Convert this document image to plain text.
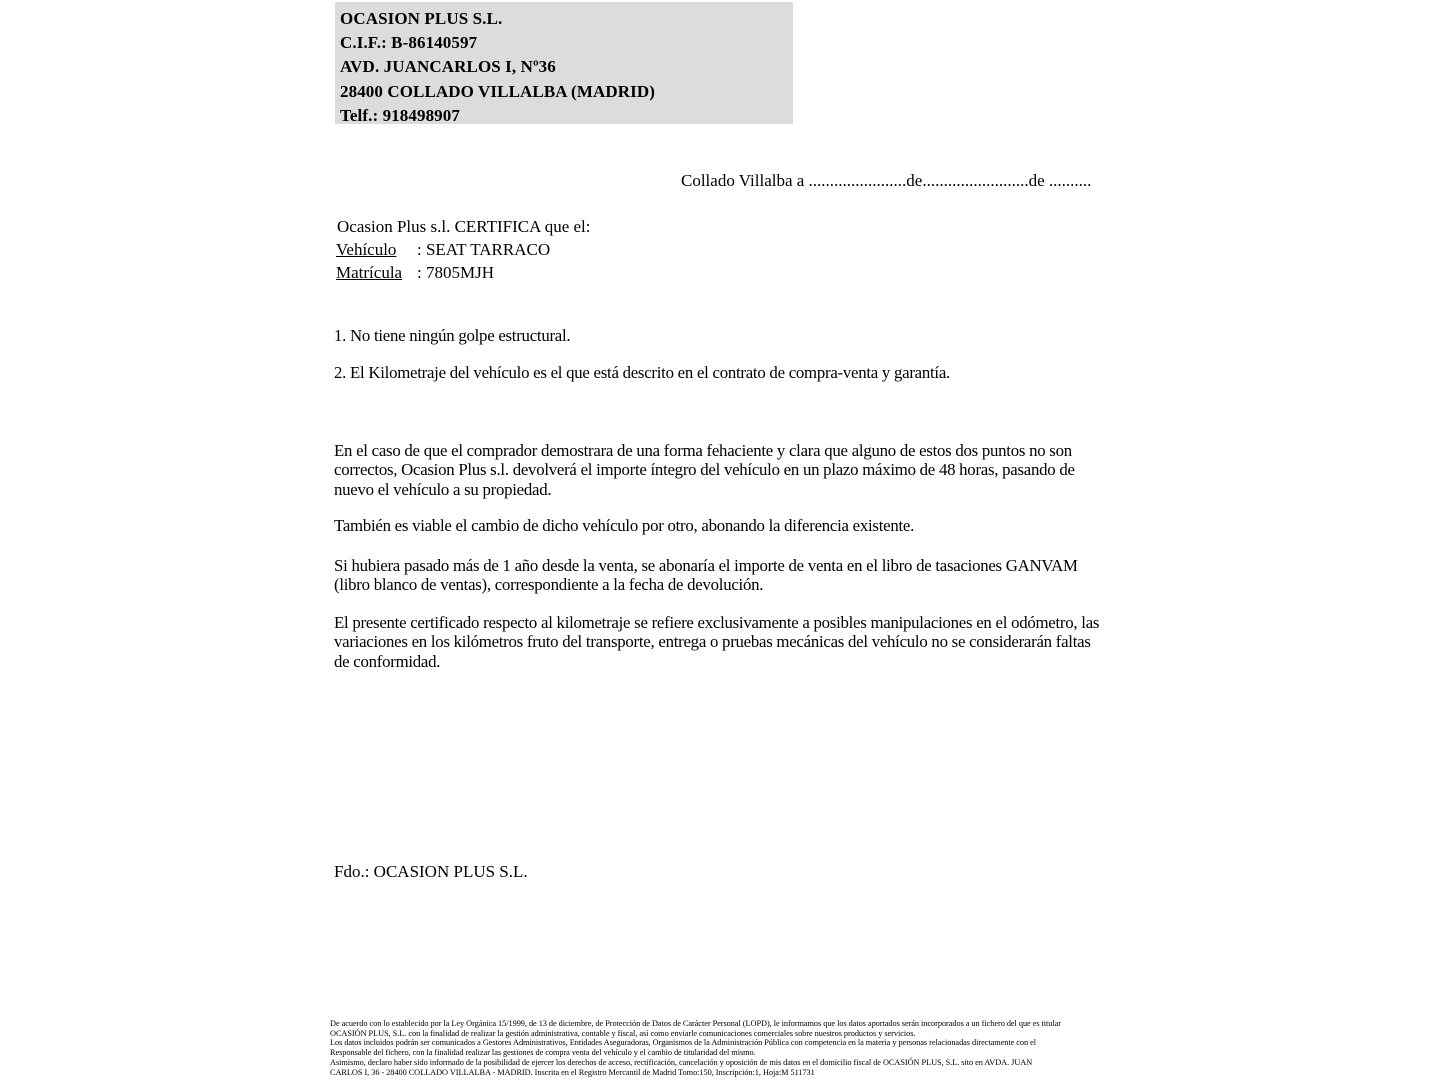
OCASION PLUS S.L.
C.I.F.: B-86140597
AVD. JUANCARLOS I, Nº36
28400 COLLADO VILLALBA (MADRID)
Telf.: 918498907
Collado Villalba a .......................de.........................de ..........
Ocasion Plus s.l. CERTIFICA que el:
Vehículo : SEAT TARRACO
Matrícula : 7805MJH
1. No tiene ningún golpe estructural.
2. El Kilometraje del vehículo es el que está descrito en el contrato de compra-venta y garantía.
En el caso de que el comprador demostrara de una forma fehaciente y clara que alguno de estos dos puntos no son correctos, Ocasion Plus s.l. devolverá el importe íntegro del vehículo en un plazo máximo de 48 horas, pasando de nuevo el vehículo a su propiedad.
También es viable el cambio de dicho vehículo por otro, abonando la diferencia existente.
Si hubiera pasado más de 1 año desde la venta, se abonaría el importe de venta en el libro de tasaciones GANVAM (libro blanco de ventas), correspondiente a la fecha de devolución.
El presente certificado respecto al kilometraje se refiere exclusivamente a posibles manipulaciones en el odómetro, las variaciones en los kilómetros fruto del transporte, entrega o pruebas mecánicas del vehículo no se considerarán faltas de conformidad.
Fdo.: OCASION PLUS S.L.
De acuerdo con lo establecido por la Ley Orgánica 15/1999, de 13 de diciembre, de Protección de Datos de Carácter Personal (LOPD), le informamos que los datos aportados serán incorporados a un fichero del que es titular
OCASIÓN PLUS, S.L. con la finalidad de realizar la gestión administrativa, contable y fiscal, así como enviarle comunicaciones comerciales sobre nuestros productos y servicios.
Los datos incluidos podrán ser comunicados a Gestores Administrativos, Entidades Aseguradoras, Organismos de la Administración Pública con competencia en la materia y personas relacionadas directamente con el
Responsable del fichero, con la finalidad realizar las gestiones de compra venta del vehículo y el cambio de titularidad del mismo.
Asimismo, declaro haber sido informado de la posibilidad de ejercer los derechos de acceso, rectificación, cancelación y oposición de mis datos en el domicilio fiscal de OCASIÓN PLUS, S.L. sito en AVDA. JUAN
CARLOS I, 36 - 28400 COLLADO VILLALBA - MADRID. Inscrita en el Registro Mercantil de Madrid Tomo:150, Inscripción:1, Hoja:M 511731
